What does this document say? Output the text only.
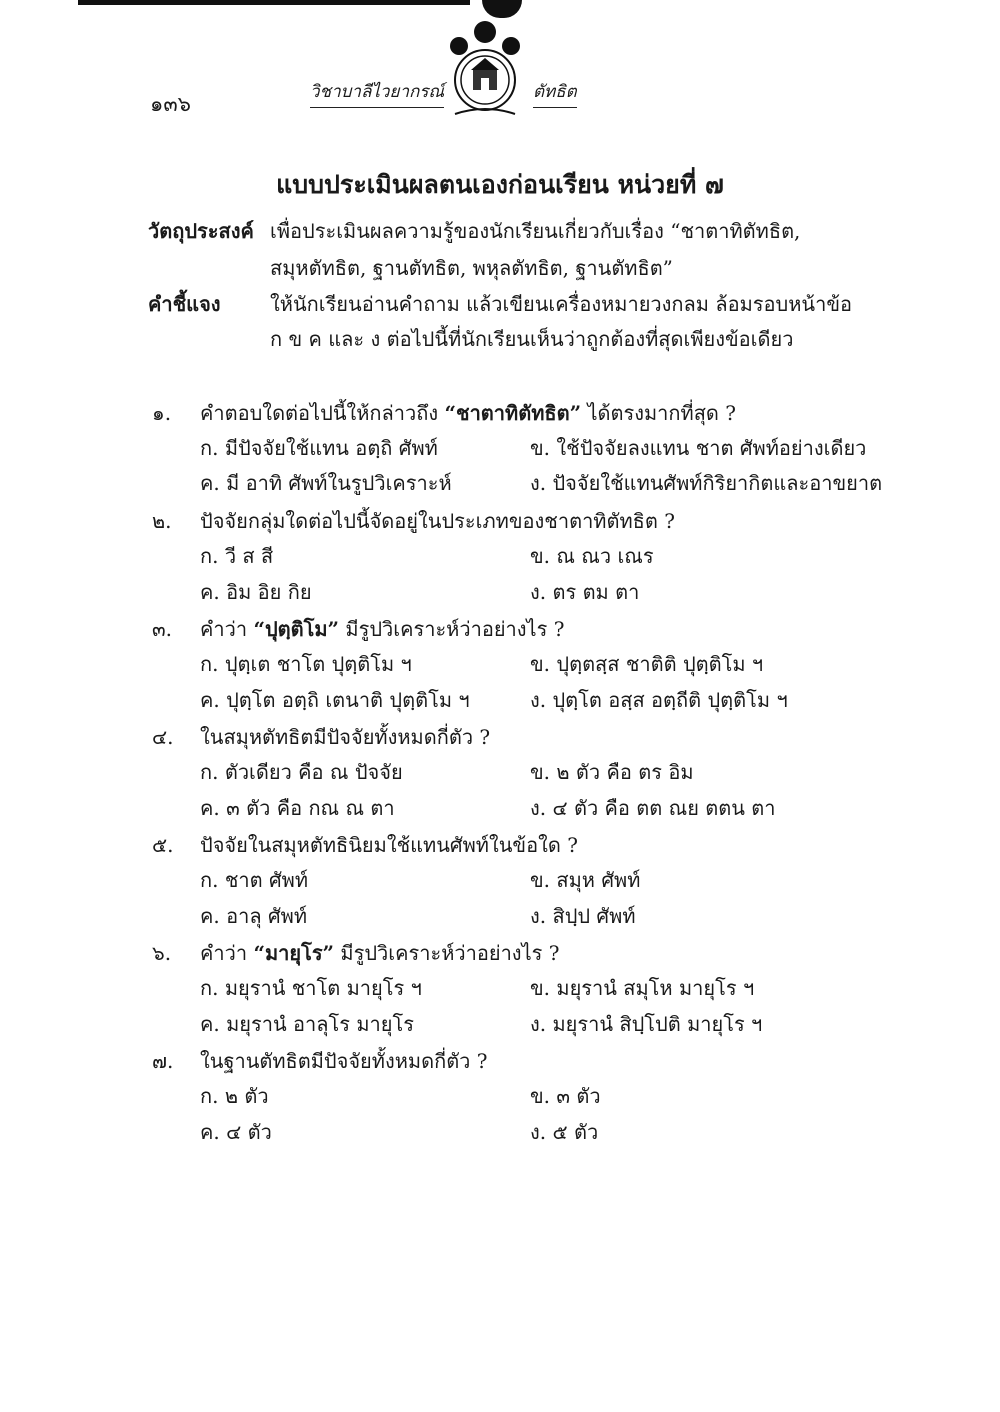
๑๓๖	วิชาบาลีไวยากรณ์	ตัทธิต
แบบประเมินผลตนเองก่อนเรียน หน่วยที่ ๗
วัตถุประสงค์ เพื่อประเมินผลความรู้ของนักเรียนเกี่ยวกับเรื่อง “ชาตาทิตัทธิต,
สมุหตัทธิต, ฐานตัทธิต, พหุลตัทธิต, ฐานตัทธิต”
คำชี้แจง ให้นักเรียนอ่านคำถาม แล้วเขียนเครื่องหมายวงกลม ล้อมรอบหน้าข้อ
ก ข ค และ ง ต่อไปนี้ที่นักเรียนเห็นว่าถูกต้องที่สุดเพียงข้อเดียว
๑. คำตอบใดต่อไปนี้ให้กล่าวถึง “ชาตาทิตัทธิต” ได้ตรงมากที่สุด ?
ก. มีปัจจัยใช้แทน อตฺถิ ศัพท์	ข. ใช้ปัจจัยลงแทน ชาต ศัพท์อย่างเดียว
ค. มี อาทิ ศัพท์ในรูปวิเคราะห์	ง. ปัจจัยใช้แทนศัพท์กิริยากิตและอาขยาต
๒. ปัจจัยกลุ่มใดต่อไปนี้จัดอยู่ในประเภทของชาตาทิตัทธิต ?
ก. วี ส สี	ข. ณ ณว เณร
ค. อิม อิย กิย	ง. ตร ตม ตา
๓. คำว่า “ปุตฺติโม” มีรูปวิเคราะห์ว่าอย่างไร ?
ก. ปุตฺเต ชาโต ปุตฺติโม ฯ	ข. ปุตฺตสฺส ชาติติ ปุตฺติโม ฯ
ค. ปุตฺโต อตฺถิ เตนาติ ปุตฺติโม ฯ	ง. ปุตฺโต อสฺส อตฺถีติ ปุตฺติโม ฯ
๔. ในสมุหตัทธิตมีปัจจัยทั้งหมดกี่ตัว ?
ก. ตัวเดียว คือ ณ ปัจจัย	ข. ๒ ตัว คือ ตร อิม
ค. ๓ ตัว คือ กณ ณ ตา	ง. ๔ ตัว คือ ตต ณย ตตน ตา
๕. ปัจจัยในสมุหตัทธินิยมใช้แทนศัพท์ในข้อใด ?
ก. ชาต ศัพท์	ข. สมุห ศัพท์
ค. อาลุ ศัพท์	ง. สิปฺป ศัพท์
๖. คำว่า “มายุโร” มีรูปวิเคราะห์ว่าอย่างไร ?
ก. มยุรานํ ชาโต มายุโร ฯ	ข. มยุรานํ สมุโห มายุโร ฯ
ค. มยุรานํ อาลุโร มายุโร	ง. มยุรานํ สิปฺโปติ มายุโร ฯ
๗. ในฐานตัทธิตมีปัจจัยทั้งหมดกี่ตัว ?
ก. ๒ ตัว	ข. ๓ ตัว
ค. ๔ ตัว	ง. ๕ ตัว
